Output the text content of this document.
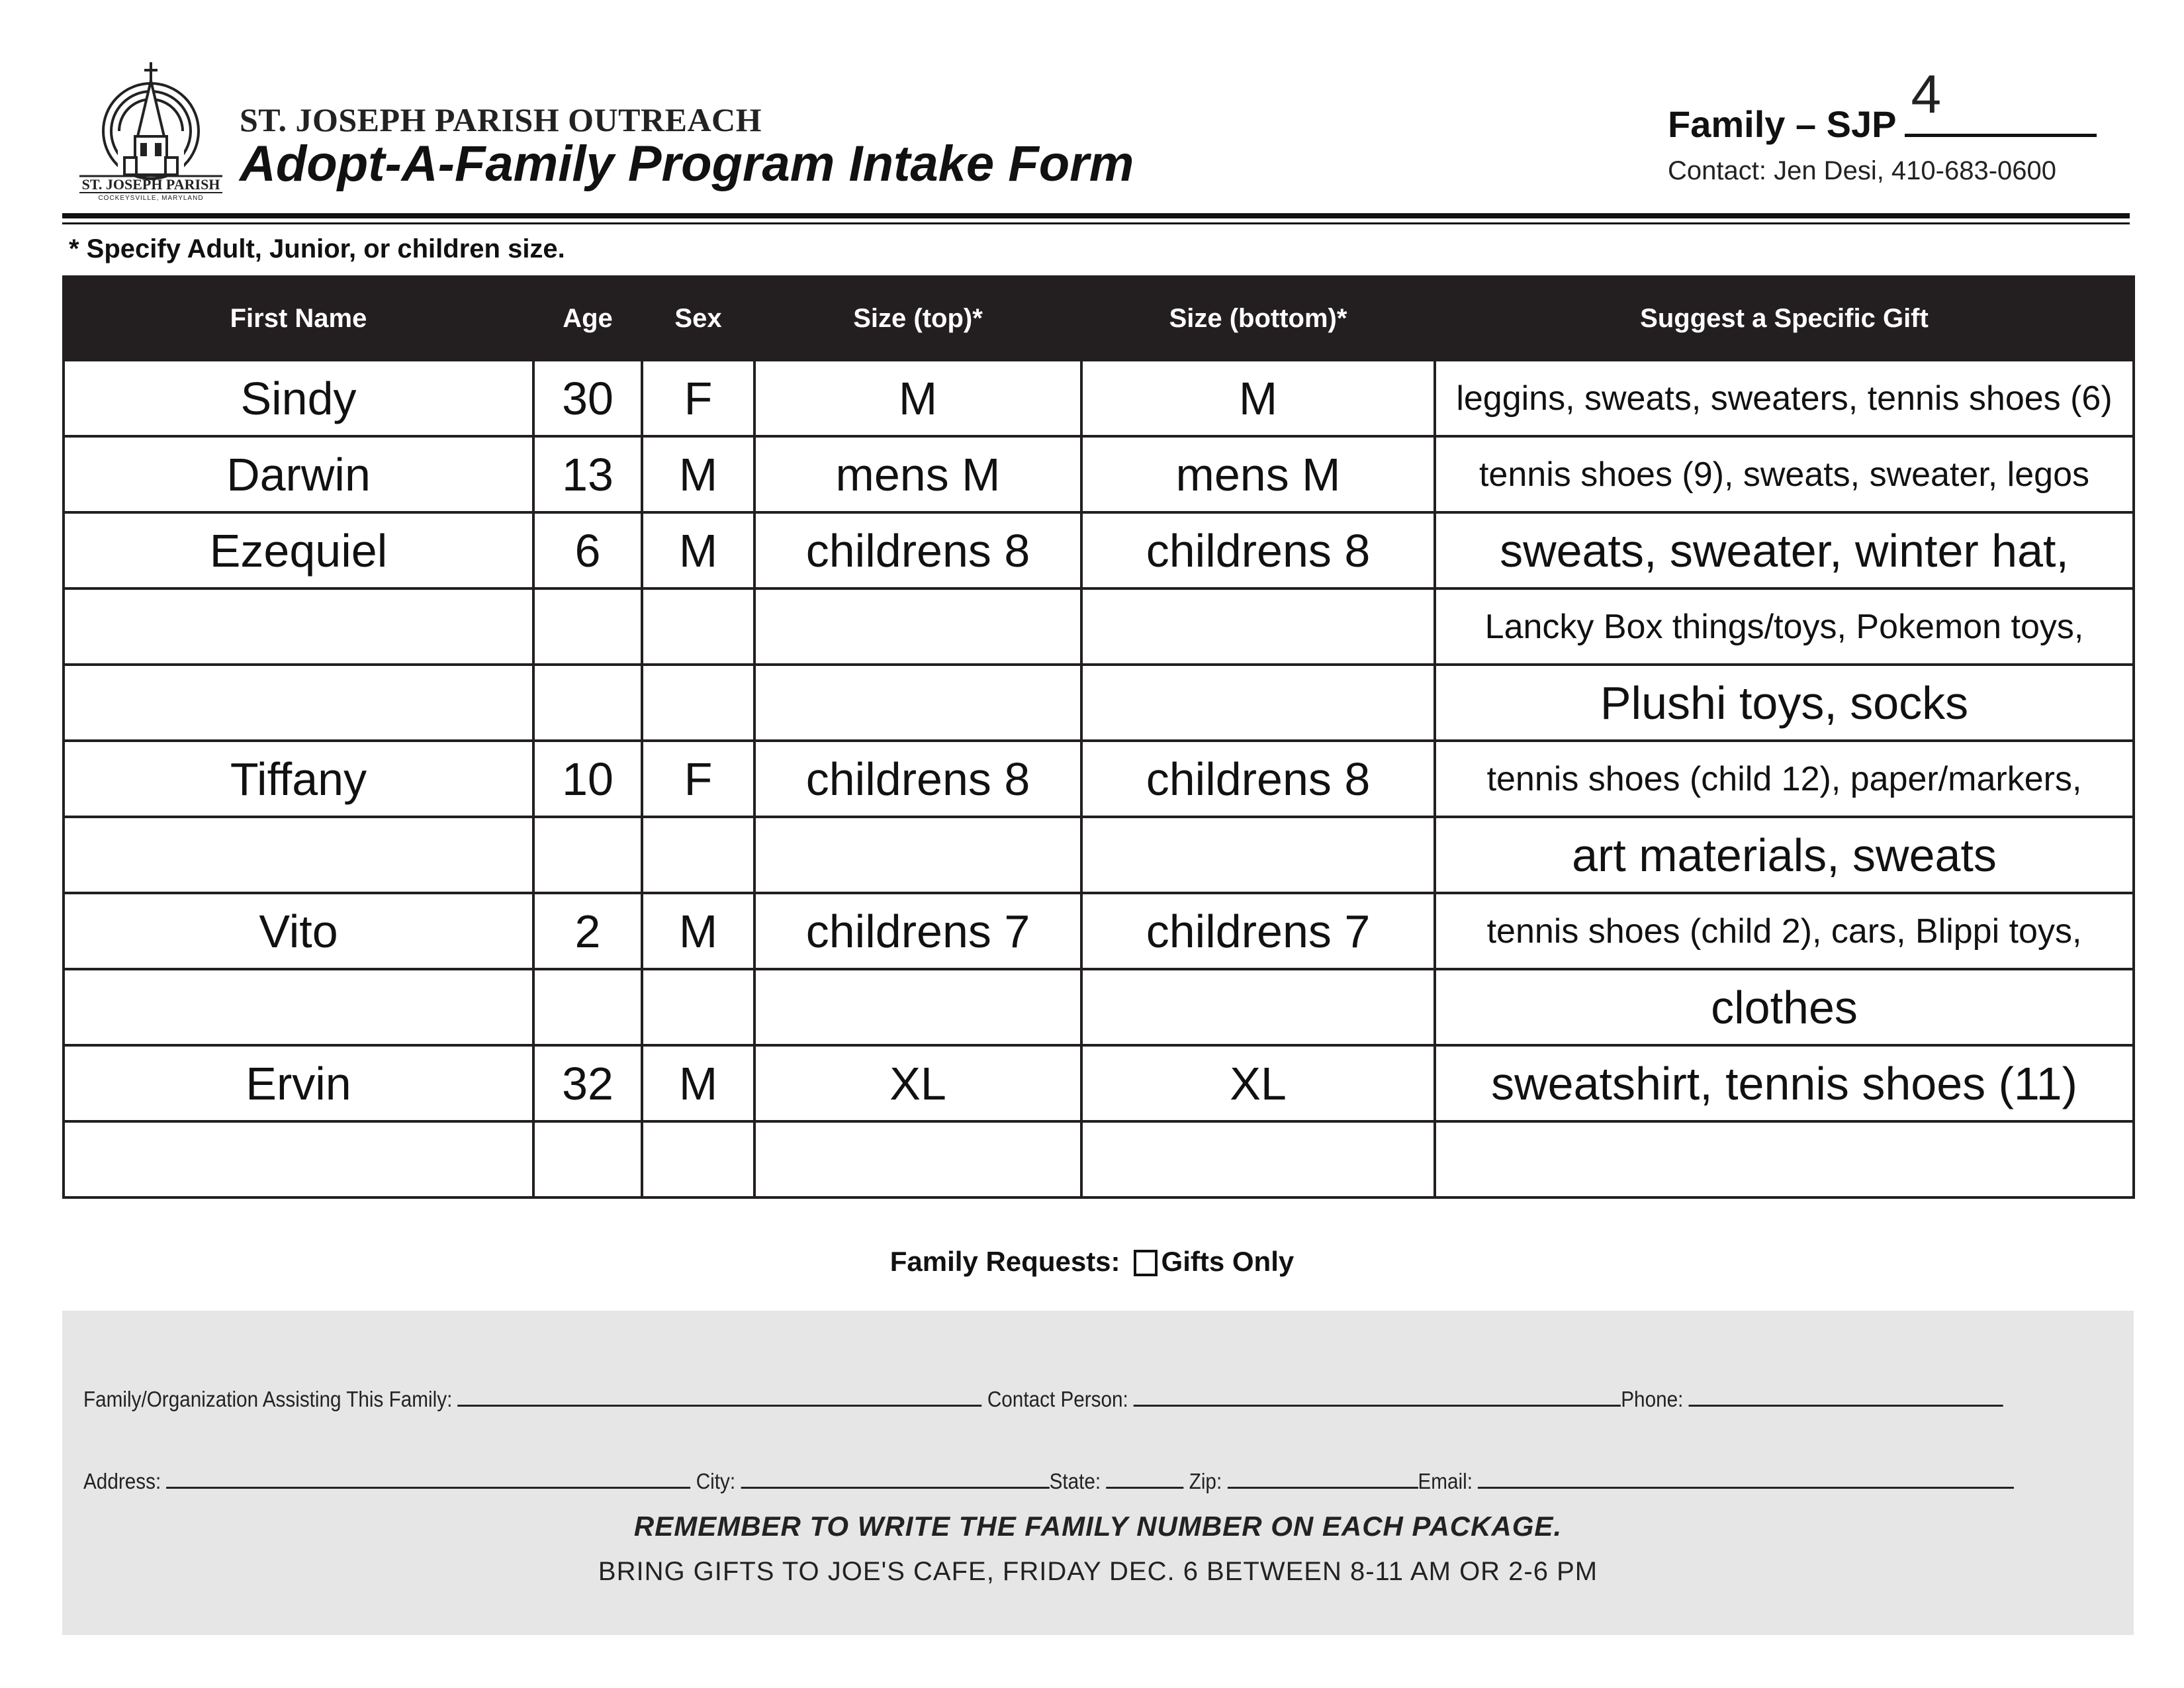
ST. JOSEPH PARISH
COCKEYSVILLE, MARYLAND
ST. JOSEPH PARISH OUTREACH
Adopt-A-Family Program Intake Form
Family – SJP 4
Contact: Jen Desi, 410-683-0600
* Specify Adult, Junior, or children size.
First Name	Age	Sex	Size (top)*	Size (bottom)*	Suggest a Specific Gift
Sindy	30	F	M	M	leggins, sweats, sweaters, tennis shoes (6)
Darwin	13	M	mens M	mens M	tennis shoes (9), sweats, sweater, legos
Ezequiel	6	M	childrens 8	childrens 8	sweats, sweater, winter hat,
					Lancky Box things/toys, Pokemon toys,
					Plushi toys, socks
Tiffany	10	F	childrens 8	childrens 8	tennis shoes (child 12), paper/markers,
					art materials, sweats
Vito	2	M	childrens 7	childrens 7	tennis shoes (child 2), cars, Blippi toys,
					clothes
Ervin	32	M	XL	XL	sweatshirt, tennis shoes (11)

Family Requests: Gifts Only
Family/Organization Assisting This Family:	Contact Person:	Phone:
Address:	City:	State:	Zip:	Email:
REMEMBER TO WRITE THE FAMILY NUMBER ON EACH PACKAGE.
BRING GIFTS TO JOE'S CAFE, FRIDAY DEC. 6 BETWEEN 8-11 AM OR 2-6 PM
